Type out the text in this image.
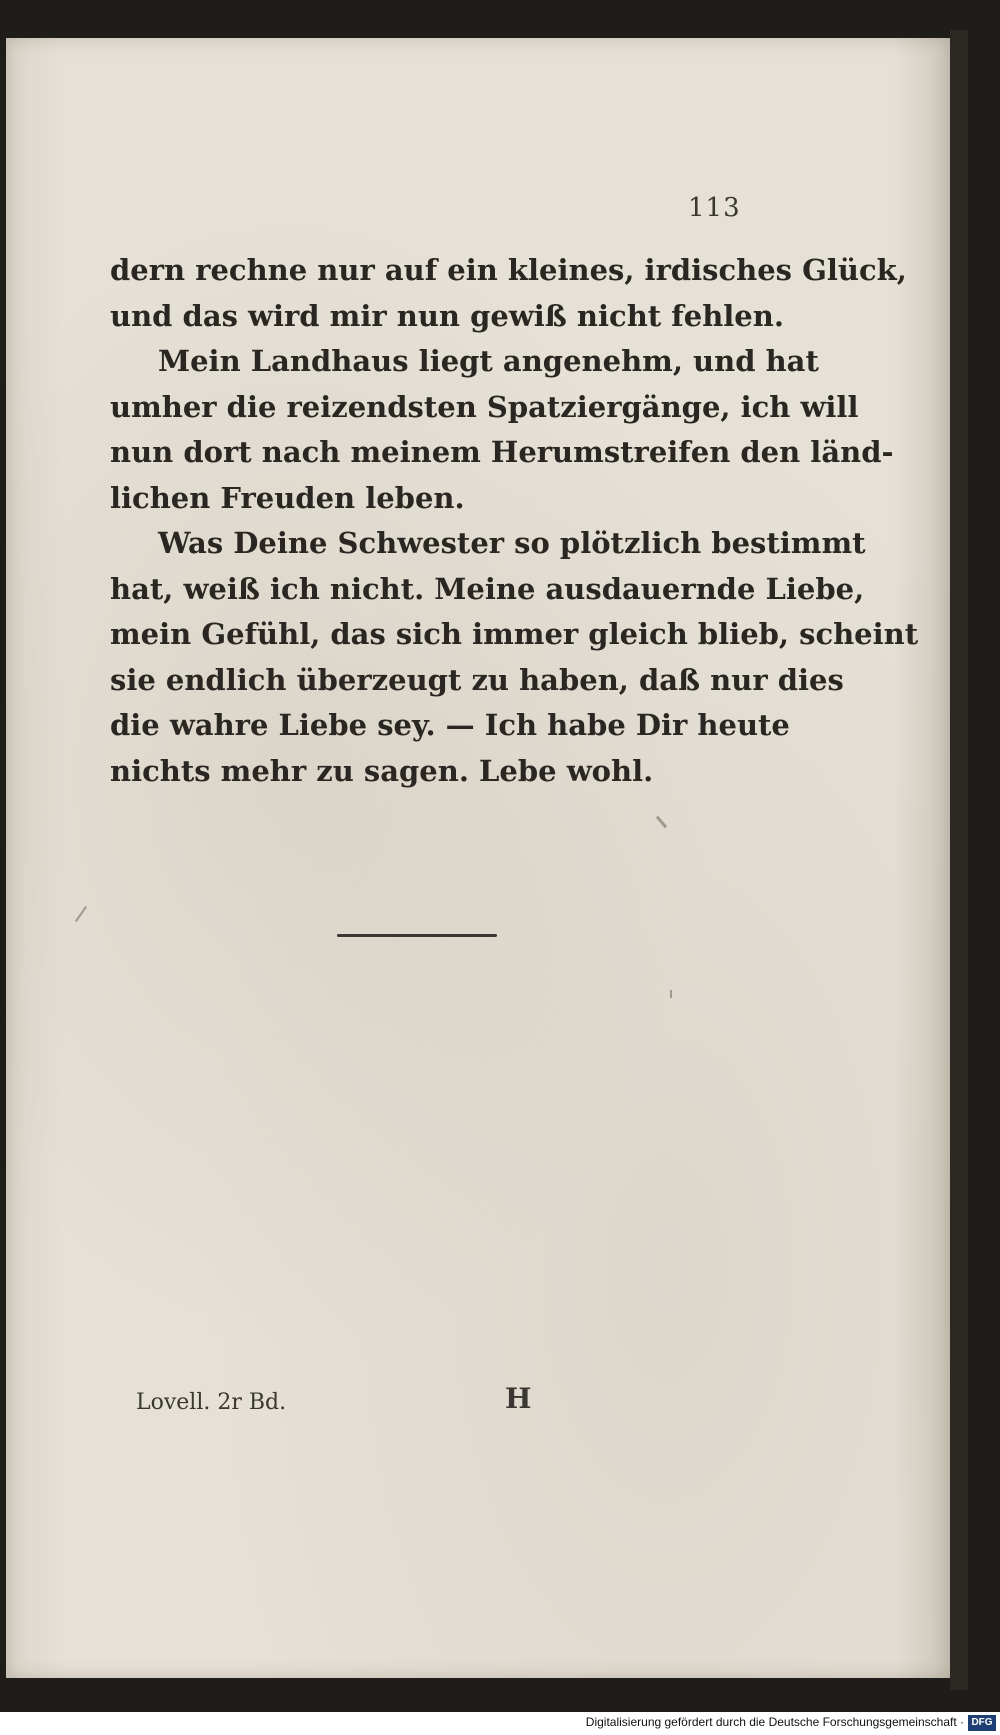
113
dern rechne nur auf ein kleines, irdisches Glück,
und das wird mir nun gewiß nicht fehlen.
Mein Landhaus liegt angenehm, und hat
umher die reizendsten Spatziergänge, ich will
nun dort nach meinem Herumstreifen den länd-
lichen Freuden leben.
Was Deine Schwester so plötzlich bestimmt
hat, weiß ich nicht. Meine ausdauernde Liebe,
mein Gefühl, das sich immer gleich blieb, scheint
sie endlich überzeugt zu haben, daß nur dies
die wahre Liebe sey. — Ich habe Dir heute
nichts mehr zu sagen. Lebe wohl.
Lovell. 2r Bd.	H
Digitalisierung gefördert durch die Deutsche Forschungsgemeinschaft · DFG
